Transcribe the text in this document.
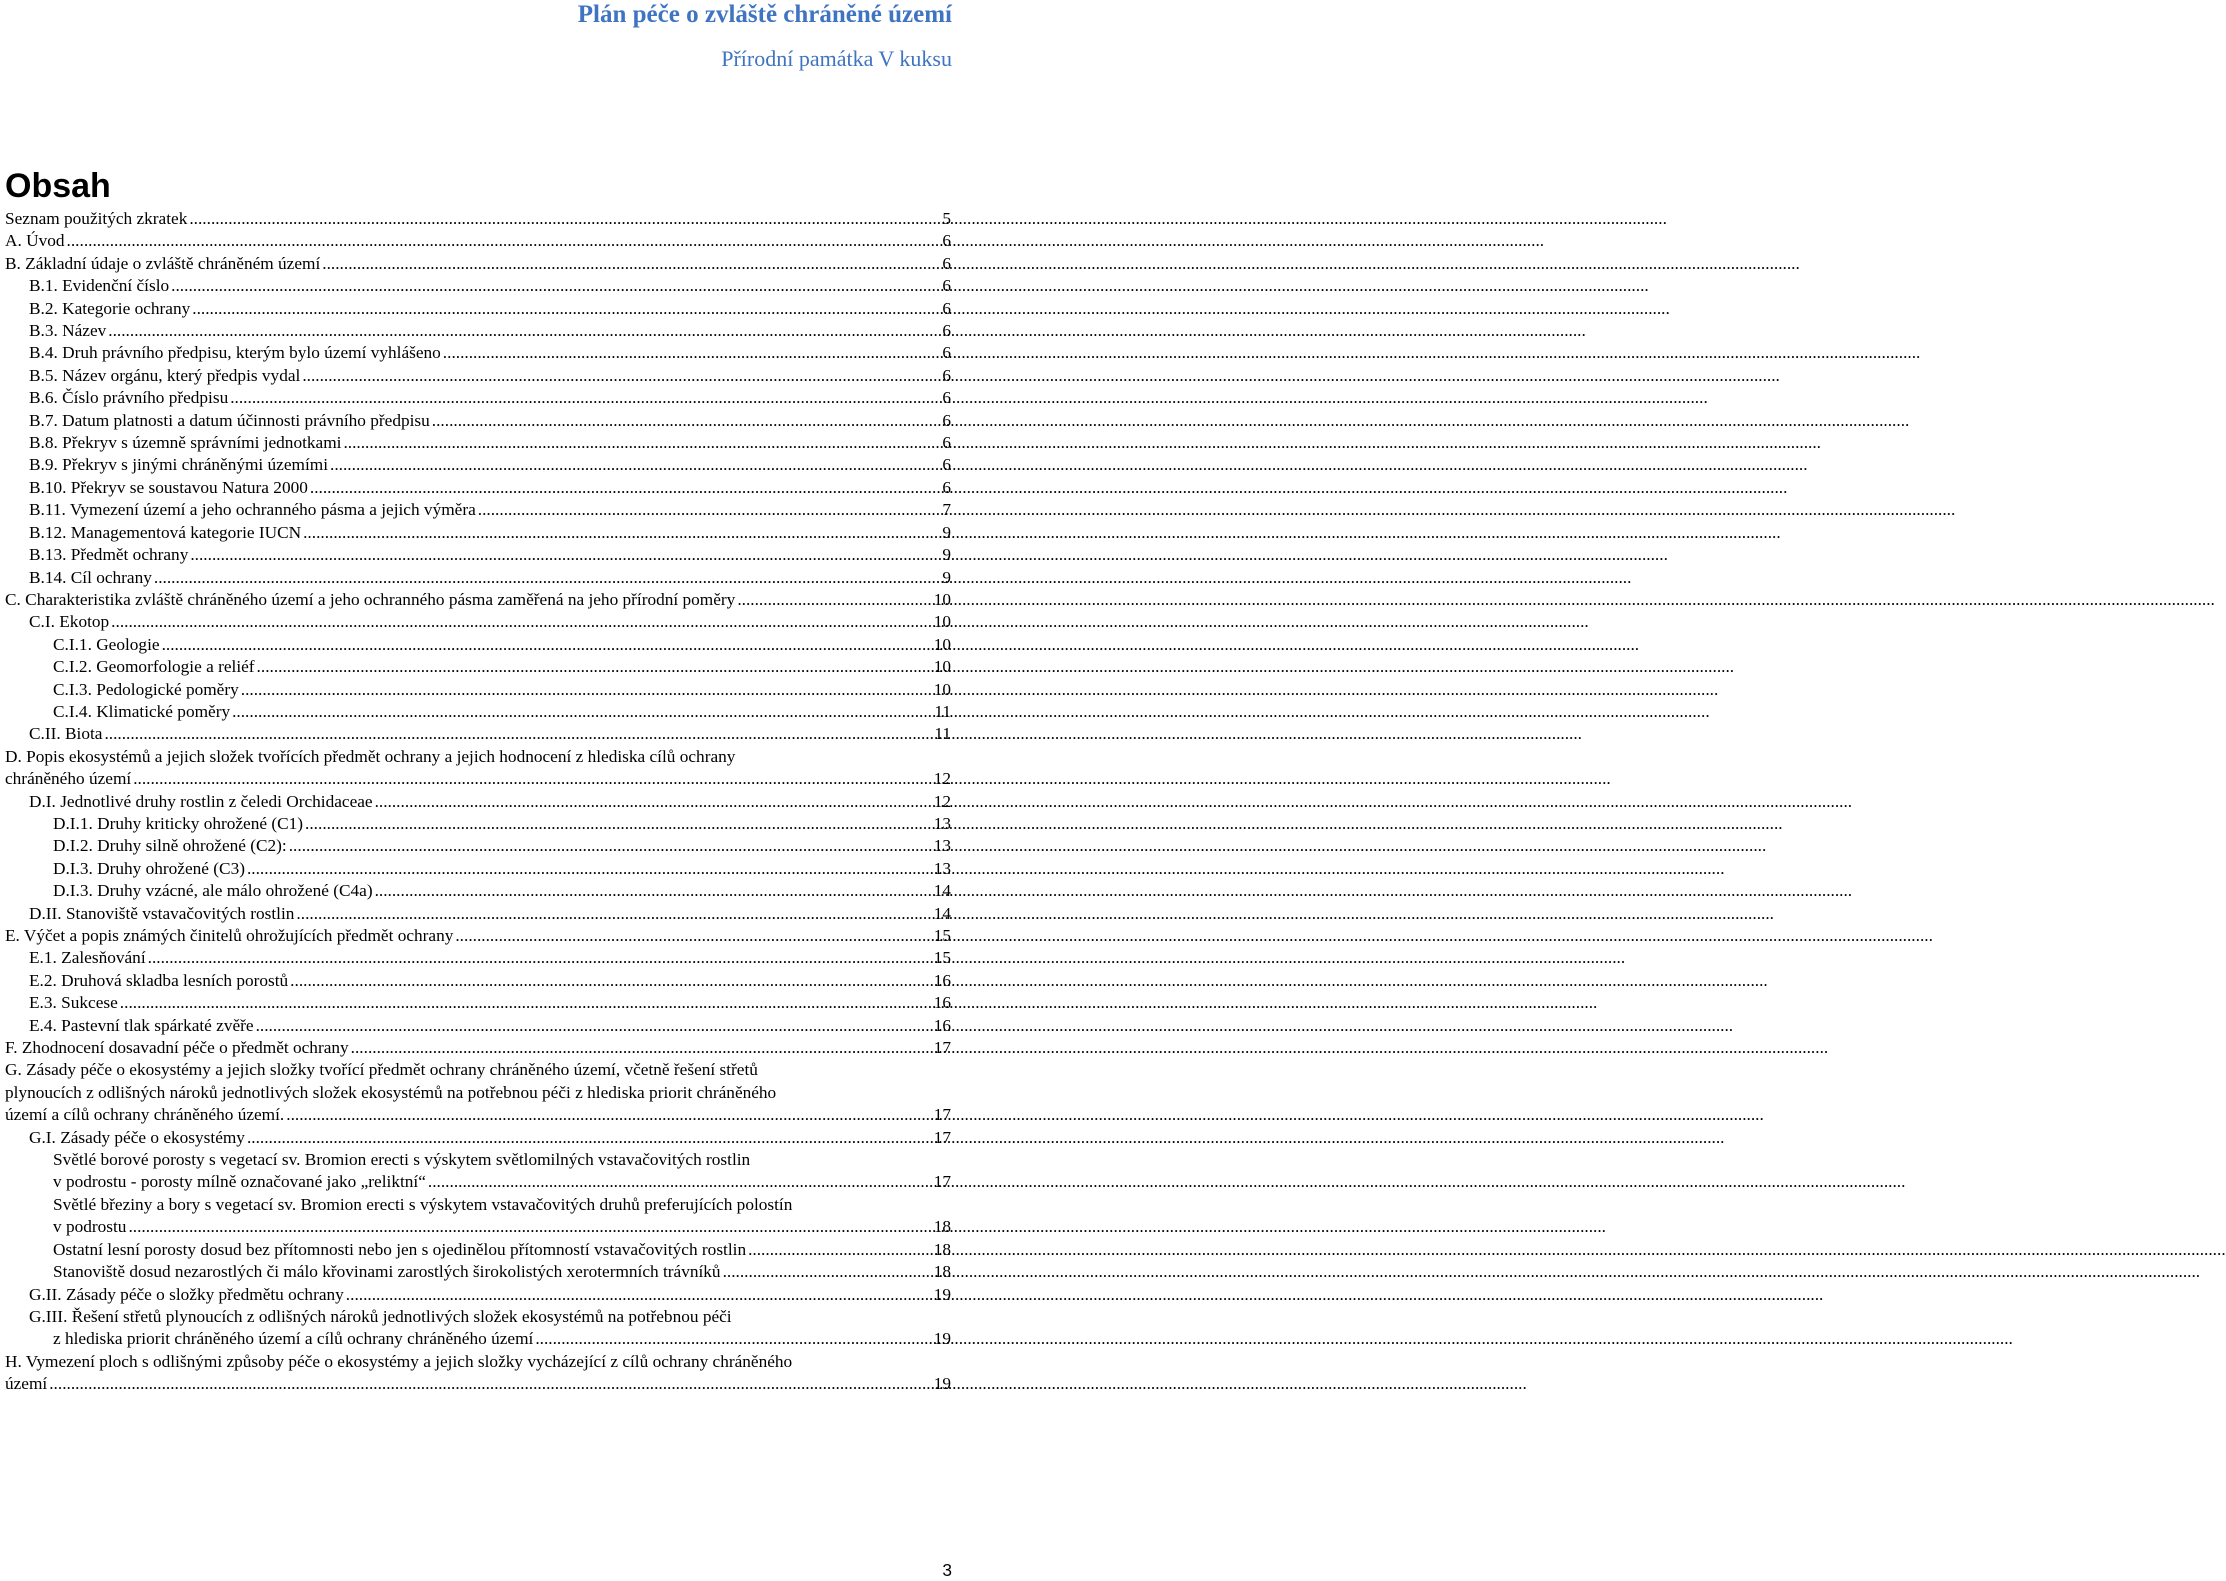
Plán péče o zvláště chráněné území
Přírodní památka V kuksu
Obsah
Seznam použitých zkratek .....	5
A. Úvod .....	6
B. Základní údaje o zvláště chráněném území .....	6
B.1. Evidenční číslo .....	6
B.2. Kategorie ochrany .....	6
B.3. Název .....	6
B.4. Druh právního předpisu, kterým bylo území vyhlášeno .....	6
B.5. Název orgánu, který předpis vydal .....	6
B.6. Číslo právního předpisu .....	6
B.7. Datum platnosti a datum účinnosti právního předpisu .....	6
B.8. Překryv s územně správními jednotkami .....	6
B.9. Překryv s jinými chráněnými územími .....	6
B.10. Překryv se soustavou Natura 2000 .....	6
B.11. Vymezení území a jeho ochranného pásma a jejich výměra .....	7
B.12. Managementová kategorie IUCN .....	9
B.13. Předmět ochrany .....	9
B.14. Cíl ochrany .....	9
C. Charakteristika zvláště chráněného území a jeho ochranného pásma zaměřená na jeho přírodní poměry .....	10
C.I. Ekotop .....	10
C.I.1. Geologie .....	10
C.I.2. Geomorfologie a reliéf .....	10
C.I.3. Pedologické poměry .....	10
C.I.4. Klimatické poměry .....	11
C.II. Biota .....	11
D. Popis ekosystémů a jejich složek tvořících předmět ochrany a jejich hodnocení z hlediska cílů ochrany
chráněného území .....	12
D.I. Jednotlivé druhy rostlin z čeledi Orchidaceae .....	12
D.I.1. Druhy kriticky ohrožené (C1) .....	13
D.I.2. Druhy silně ohrožené (C2): .....	13
D.I.3. Druhy ohrožené (C3) .....	13
D.I.3. Druhy vzácné, ale málo ohrožené (C4a) .....	14
D.II. Stanoviště vstavačovitých rostlin .....	14
E. Výčet a popis známých činitelů ohrožujících předmět ochrany .....	15
E.1. Zalesňování .....	15
E.2. Druhová skladba lesních porostů .....	16
E.3. Sukcese .....	16
E.4. Pastevní tlak spárkaté zvěře .....	16
F. Zhodnocení dosavadní péče o předmět ochrany .....	17
G. Zásady péče o ekosystémy a jejich složky tvořící předmět ochrany chráněného území, včetně řešení střetů
plynoucích z odlišných nároků jednotlivých složek ekosystémů na potřebnou péči z hlediska priorit chráněného
území a cílů ochrany chráněného území. .....	17
G.I. Zásady péče o ekosystémy .....	17
Světlé borové porosty s vegetací sv. Bromion erecti s výskytem světlomilných vstavačovitých rostlin
v podrostu - porosty mílně označované jako „reliktní“ .....	17
Světlé březiny a bory s vegetací sv. Bromion erecti s výskytem vstavačovitých druhů preferujících polostín
v podrostu .....	18
Ostatní lesní porosty dosud bez přítomnosti nebo jen s ojedinělou přítomností vstavačovitých rostlin .....	18
Stanoviště dosud nezarostlých či málo křovinami zarostlých širokolistých xerotermních trávníků .....	18
G.II. Zásady péče o složky předmětu ochrany .....	19
G.III. Řešení střetů plynoucích z odlišných nároků jednotlivých složek ekosystémů na potřebnou péči
z hlediska priorit chráněného území a cílů ochrany chráněného území .....	19
H. Vymezení ploch s odlišnými způsoby péče o ekosystémy a jejich složky vycházející z cílů ochrany chráněného
území .....	19
3
